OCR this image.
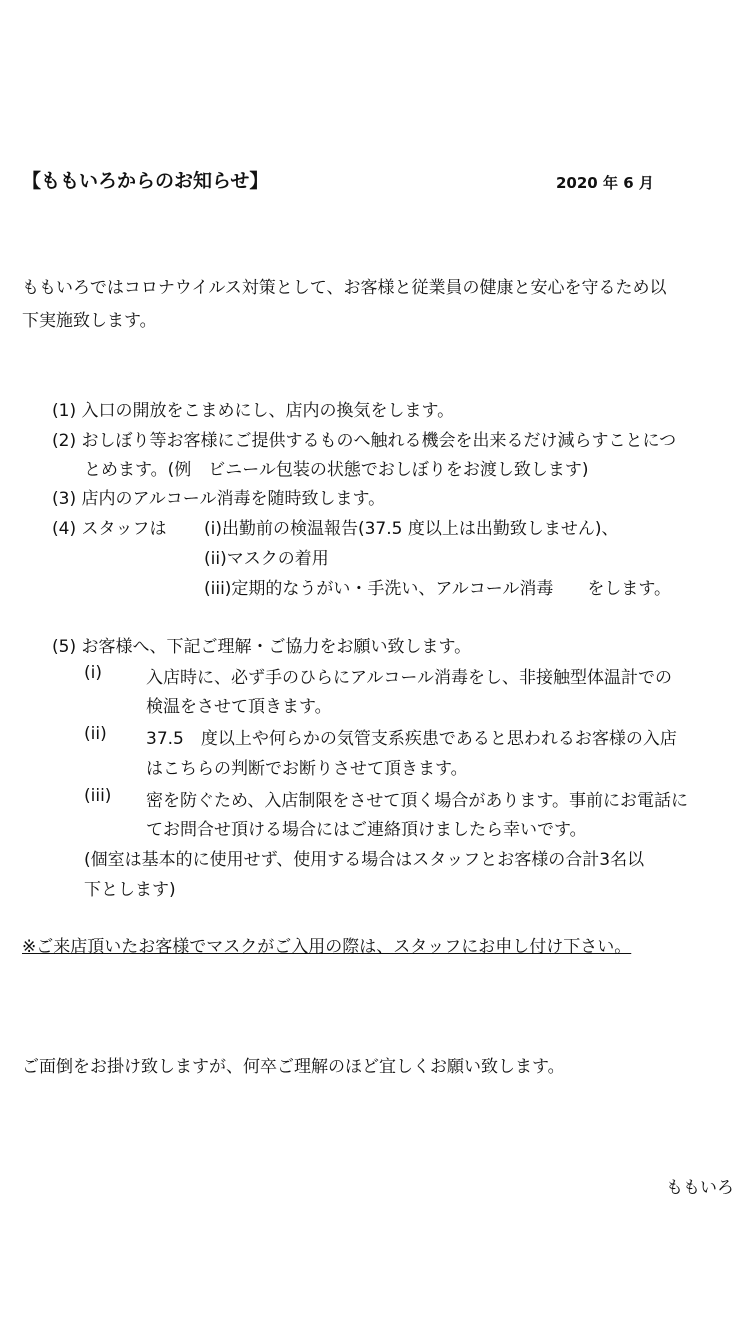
【ももいろからのお知らせ】	2020 年 6 月
ももいろではコロナウイルス対策として、お客様と従業員の健康と安心を守るため以
下実施致します。
(1) 入口の開放をこまめにし、店内の換気をします。
(2) おしぼり等お客様にご提供するものへ触れる機会を出来るだけ減らすことにつ
とめます。(例　ビニール包装の状態でおしぼりをお渡し致します)
(3) 店内のアルコール消毒を随時致します。
(4) スタッフは (i)出勤前の検温報告(37.5 度以上は出勤致しません)、
(ii)マスクの着用
(iii)定期的なうがい・手洗い、アルコール消毒　　をします。
(5) お客様へ、下記ご理解・ご協力をお願い致します。
(i)	入店時に、必ず手のひらにアルコール消毒をし、非接触型体温計での
検温をさせて頂きます。
(ii) 37.5　度以上や何らかの気管支系疾患であると思われるお客様の入店
はこちらの判断でお断りさせて頂きます。
(iii) 密を防ぐため、入店制限をさせて頂く場合があります。事前にお電話に
てお問合せ頂ける場合にはご連絡頂けましたら幸いです。
(個室は基本的に使用せず、使用する場合はスタッフとお客様の合計3名以
下とします)
※ご来店頂いたお客様でマスクがご入用の際は、スタッフにお申し付け下さい。
ご面倒をお掛け致しますが、何卒ご理解のほど宜しくお願い致します。
ももいろ
